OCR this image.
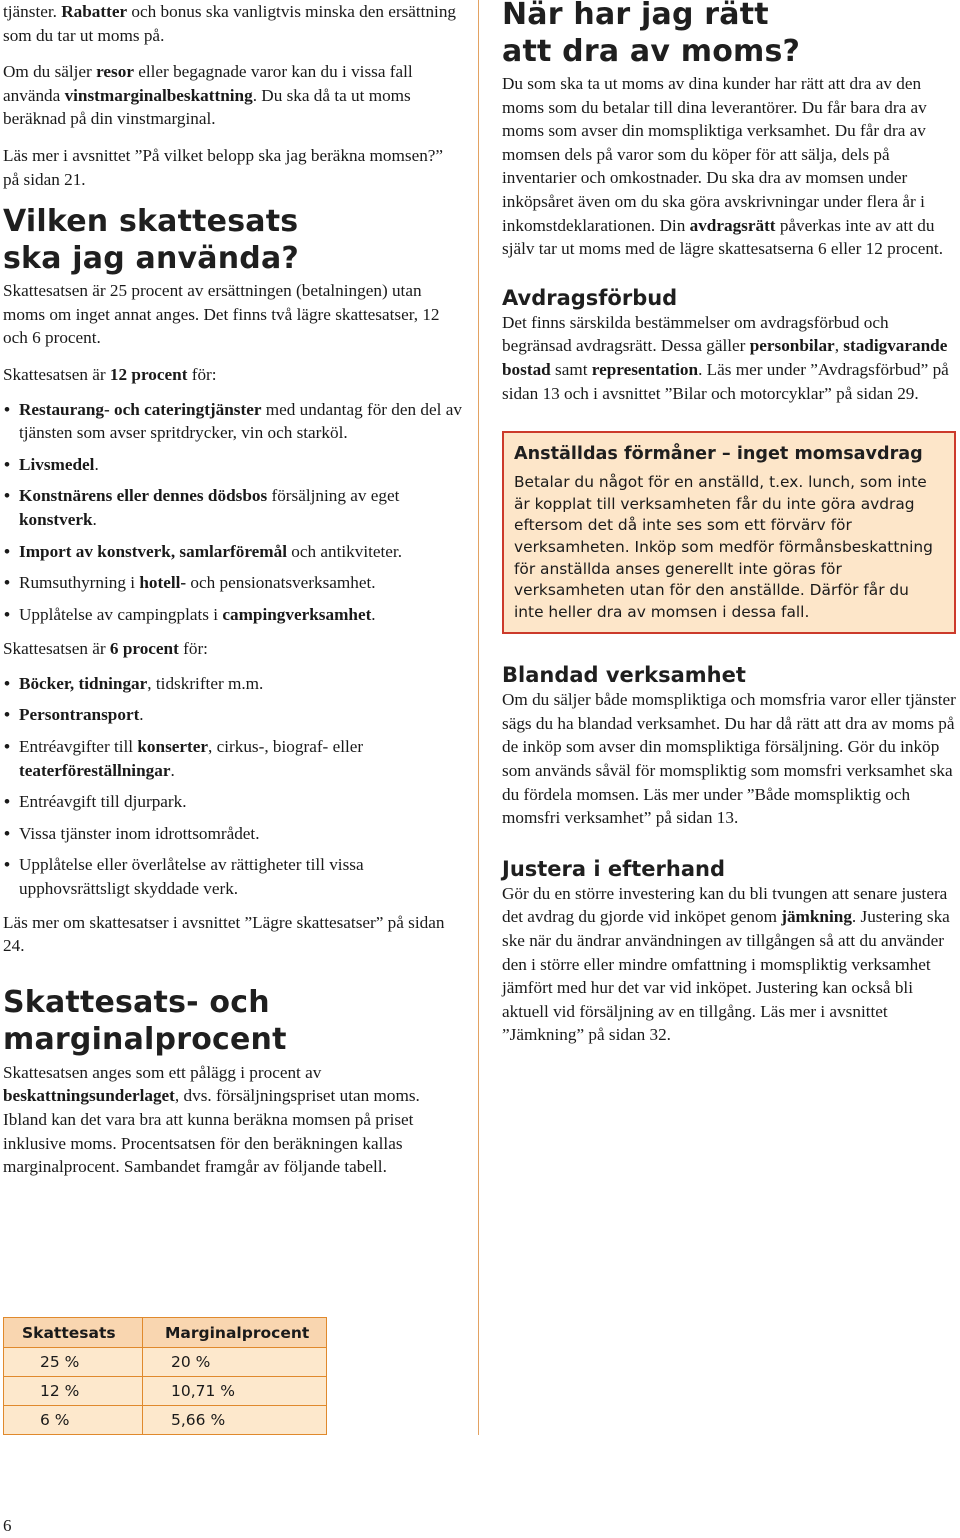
tjänster. Rabatter och bonus ska vanligtvis minska den ersättning som du tar ut moms på.

Om du säljer resor eller begagnade varor kan du i vissa fall använda vinstmarginalbeskattning. Du ska då ta ut moms beräknad på din vinstmarginal.

Läs mer i avsnittet ”På vilket belopp ska jag beräkna momsen?” på sidan 21.

Vilken skattesats
ska jag använda?

Skattesatsen är 25 procent av ersättningen (betalningen) utan moms om inget annat anges. Det finns två lägre skattesatser, 12 och 6 procent.

Skattesatsen är 12 procent för:

• Restaurang- och cateringtjänster med undantag för den del av tjänsten som avser spritdrycker, vin och starköl.
• Livsmedel.
• Konstnärens eller dennes dödsbos försäljning av eget konstverk.
• Import av konstverk, samlarföremål och antikviteter.
• Rumsuthyrning i hotell- och pensionatsverksamhet.
• Upplåtelse av campingplats i campingverksamhet.

Skattesatsen är 6 procent för:

• Böcker, tidningar, tidskrifter m.m.
• Persontransport.
• Entréavgifter till konserter, cirkus-, biograf- eller teaterföreställningar.
• Entréavgift till djurpark.
• Vissa tjänster inom idrottsområdet.
• Upplåtelse eller överlåtelse av rättigheter till vissa upphovsrättsligt skyddade verk.

Läs mer om skattesatser i avsnittet ”Lägre skattesatser” på sidan 24.

Skattesats- och
marginalprocent

Skattesatsen anges som ett pålägg i procent av beskattningsunderlaget, dvs. försäljningspriset utan moms. Ibland kan det vara bra att kunna beräkna momsen på priset inklusive moms. Procentsatsen för den beräkningen kallas marginalprocent. Sambandet framgår av följande tabell.

Skattesats	Marginalprocent
25 %	20 %
12 %	10,71 %
6 %	5,66 %
När har jag rätt
att dra av moms?

Du som ska ta ut moms av dina kunder har rätt att dra av den moms som du betalar till dina leverantörer. Du får bara dra av moms som avser din momspliktiga verksamhet. Du får dra av momsen dels på varor som du köper för att sälja, dels på inventarier och omkostnader. Du ska dra av momsen under inköpsåret även om du ska göra avskrivningar under flera år i inkomstdeklarationen. Din avdragsrätt påverkas inte av att du själv tar ut moms med de lägre skattesatserna 6 eller 12 procent.

Avdragsförbud

Det finns särskilda bestämmelser om avdragsförbud och begränsad avdragsrätt. Dessa gäller personbilar, stadigvarande bostad samt representation. Läs mer under ”Avdragsförbud” på sidan 13 och i avsnittet ”Bilar och motorcyklar” på sidan 29.

Anställdas förmåner – inget momsavdrag

Betalar du något för en anställd, t.ex. lunch, som inte är kopplat till verksamheten får du inte göra avdrag eftersom det då inte ses som ett förvärv för verksamheten. Inköp som medför förmånsbeskattning för anställda anses generellt inte göras för verksamheten utan för den anställde. Därför får du inte heller dra av momsen i dessa fall.

Blandad verksamhet

Om du säljer både momspliktiga och momsfria varor eller tjänster sägs du ha blandad verksamhet. Du har då rätt att dra av moms på de inköp som avser din momspliktiga försäljning. Gör du inköp som används såväl för momspliktig som momsfri verksamhet ska du fördela momsen. Läs mer under ”Både momspliktig och momsfri verksamhet” på sidan 13.

Justera i efterhand

Gör du en större investering kan du bli tvungen att senare justera det avdrag du gjorde vid inköpet genom jämkning. Justering ska ske när du ändrar användningen av tillgången så att du använder den i större eller mindre omfattning i momspliktig verksamhet jämfört med hur det var vid inköpet. Justering kan också bli aktuell vid försäljning av en tillgång. Läs mer i avsnittet ”Jämkning” på sidan 32.

6
